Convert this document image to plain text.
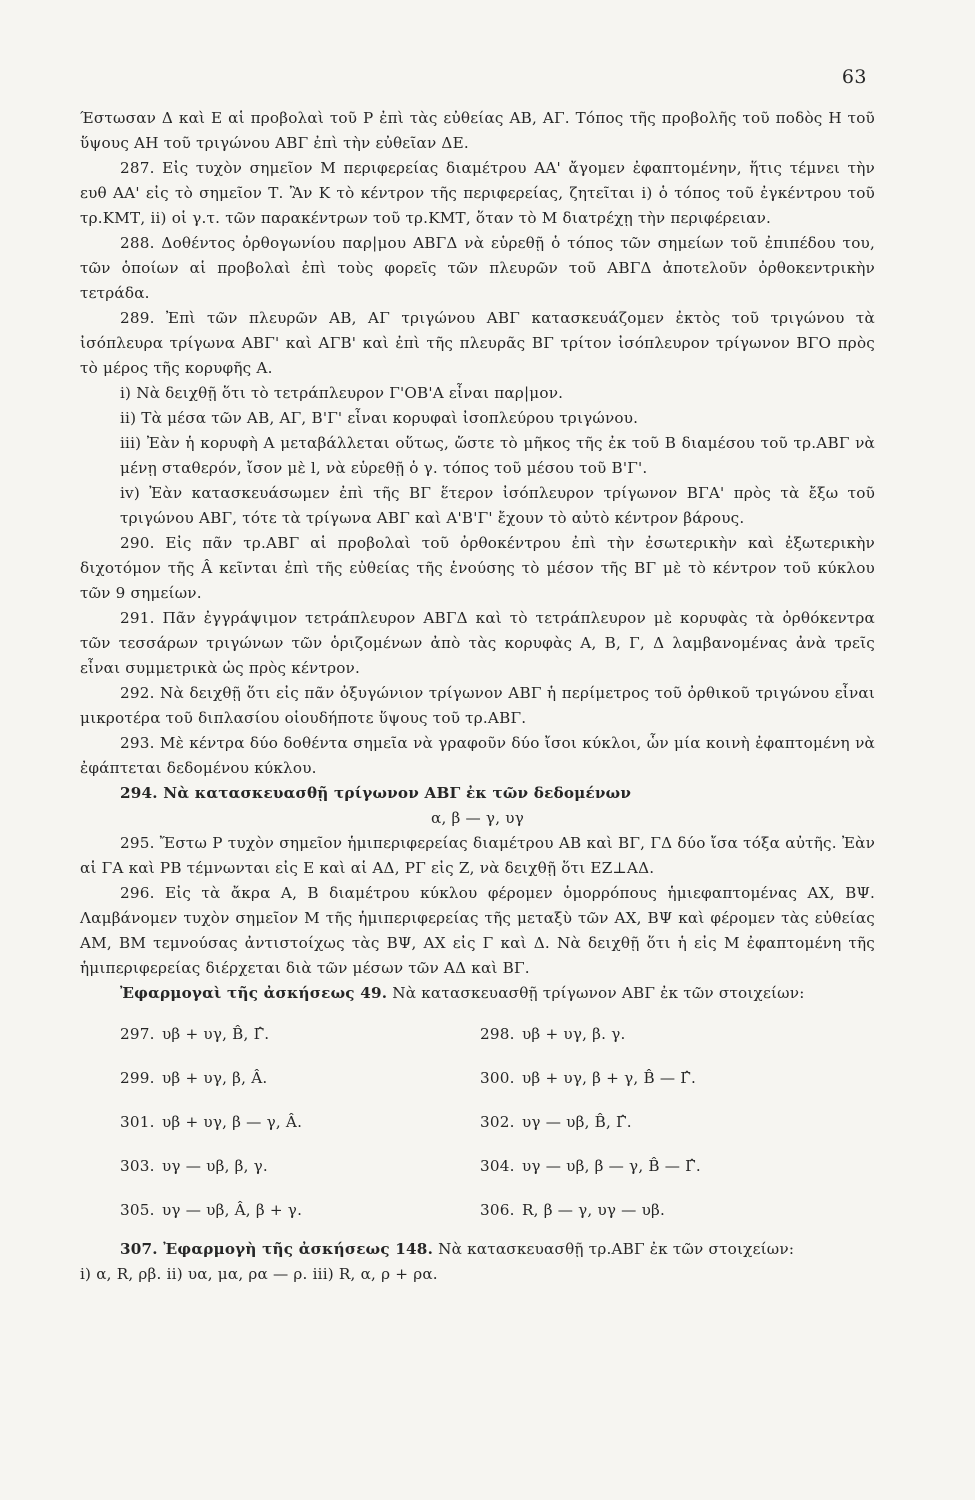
63

Έστωσαν Δ καὶ Ε αἱ προβολαὶ τοῦ Ρ ἐπὶ τὰς εὐθείας ΑΒ, ΑΓ. Τόπος τῆς προβολῆς τοῦ ποδὸς Η τοῦ ὕψους ΑΗ τοῦ τριγώνου ΑΒΓ ἐπὶ τὴν εὐθεῖαν ΔΕ.

287. Εἰς τυχὸν σημεῖον Μ περιφερείας διαμέτρου ΑΑ' ἄγομεν ἐφαπτομένην, ἥτις τέμνει τὴν ευθ ΑΑ' εἰς τὸ σημεῖον Τ. Ἂν Κ τὸ κέντρον τῆς περιφερείας, ζητεῖται i) ὁ τόπος τοῦ ἐγκέντρου τοῦ τρ.ΚΜΤ, ii) οἱ γ.τ. τῶν παρακέντρων τοῦ τρ.ΚΜΤ, ὅταν τὸ Μ διατρέχῃ τὴν περιφέρειαν.

288. Δοθέντος ὀρθογωνίου παρ|μου ΑΒΓΔ νὰ εὑρεθῇ ὁ τόπος τῶν σημείων τοῦ ἐπιπέδου του, τῶν ὁποίων αἱ προβολαὶ ἐπὶ τοὺς φορεῖς τῶν πλευρῶν τοῦ ΑΒΓΔ ἀποτελοῦν ὀρθοκεντρικὴν τετράδα.

289. Ἐπὶ τῶν πλευρῶν ΑΒ, ΑΓ τριγώνου ΑΒΓ κατασκευάζομεν ἐκτὸς τοῦ τριγώνου τὰ ἰσόπλευρα τρίγωνα ΑΒΓ' καὶ ΑΓΒ' καὶ ἐπὶ τῆς πλευρᾶς ΒΓ τρίτον ἰσόπλευρον τρίγωνον ΒΓΟ πρὸς τὸ μέρος τῆς κορυφῆς Α.

i) Νὰ δειχθῇ ὅτι τὸ τετράπλευρον Γ'ΟΒ'Α εἶναι παρ|μον.

ii) Τὰ μέσα τῶν ΑΒ, ΑΓ, Β'Γ' εἶναι κορυφαὶ ἰσοπλεύρου τριγώνου.

iii) Ἐὰν ἡ κορυφὴ Α μεταβάλλεται οὕτως, ὥστε τὸ μῆκος τῆς ἐκ τοῦ Β διαμέσου τοῦ τρ.ΑΒΓ νὰ μένῃ σταθερόν, ἴσον μὲ l, νὰ εὑρεθῇ ὁ γ. τόπος τοῦ μέσου τοῦ Β'Γ'.

iv) Ἐὰν κατασκευάσωμεν ἐπὶ τῆς ΒΓ ἕτερον ἰσόπλευρον τρίγωνον ΒΓΑ' πρὸς τὰ ἔξω τοῦ τριγώνου ΑΒΓ, τότε τὰ τρίγωνα ΑΒΓ καὶ Α'Β'Γ' ἔχουν τὸ αὐτὸ κέντρον βάρους.

290. Εἰς πᾶν τρ.ΑΒΓ αἱ προβολαὶ τοῦ ὀρθοκέντρου ἐπὶ τὴν ἐσωτερικὴν καὶ ἐξωτερικὴν διχοτόμον τῆς Â κεῖνται ἐπὶ τῆς εὐθείας τῆς ἑνούσης τὸ μέσον τῆς ΒΓ μὲ τὸ κέντρον τοῦ κύκλου τῶν 9 σημείων.

291. Πᾶν ἐγγράψιμον τετράπλευρον ΑΒΓΔ καὶ τὸ τετράπλευρον μὲ κορυφὰς τὰ ὀρθόκεντρα τῶν τεσσάρων τριγώνων τῶν ὁριζομένων ἀπὸ τὰς κορυφὰς Α, Β, Γ, Δ λαμβανομένας ἀνὰ τρεῖς εἶναι συμμετρικὰ ὡς πρὸς κέντρον.

292. Νὰ δειχθῇ ὅτι εἰς πᾶν ὀξυγώνιον τρίγωνον ΑΒΓ ἡ περίμετρος τοῦ ὀρθικοῦ τριγώνου εἶναι μικροτέρα τοῦ διπλασίου οἱουδήποτε ὕψους τοῦ τρ.ΑΒΓ.

293. Μὲ κέντρα δύο δοθέντα σημεῖα νὰ γραφοῦν δύο ἴσοι κύκλοι, ὧν μία κοινὴ ἐφαπτομένη νὰ ἐφάπτεται δεδομένου κύκλου.

294. Νὰ κατασκευασθῇ τρίγωνον ΑΒΓ ἐκ τῶν δεδομένων

α, β — γ, υγ

295. Ἔστω Ρ τυχὸν σημεῖον ἡμιπεριφερείας διαμέτρου ΑΒ καὶ ΒΓ, ΓΔ δύο ἴσα τόξα αὐτῆς. Ἐὰν αἱ ΓΑ καὶ ΡΒ τέμνωνται εἰς Ε καὶ αἱ ΑΔ, ΡΓ εἰς Ζ, νὰ δειχθῇ ὅτι ΕΖ⊥ΑΔ.

296. Εἰς τὰ ἄκρα Α, Β διαμέτρου κύκλου φέρομεν ὁμορρόπους ἡμιεφαπτομένας ΑΧ, ΒΨ. Λαμβάνομεν τυχὸν σημεῖον Μ τῆς ἡμιπεριφερείας τῆς μεταξὺ τῶν ΑΧ, ΒΨ καὶ φέρομεν τὰς εὐθείας ΑΜ, ΒΜ τεμνούσας ἀντιστοίχως τὰς ΒΨ, ΑΧ εἰς Γ καὶ Δ. Νὰ δειχθῇ ὅτι ἡ εἰς Μ ἐφαπτομένη τῆς ἡμιπεριφερείας διέρχεται διὰ τῶν μέσων τῶν ΑΔ καὶ ΒΓ.

Ἐφαρμογαὶ τῆς ἀσκήσεως 49. Νὰ κατασκευασθῇ τρίγωνον ΑΒΓ ἐκ τῶν στοιχείων:

297. υβ + υγ, B̂, Γ̂.	298. υβ + υγ, β. γ.
299. υβ + υγ, β, Â.	300. υβ + υγ, β + γ, B̂ — Γ̂.
301. υβ + υγ, β — γ, Â.	302. υγ — υβ, B̂, Γ̂.
303. υγ — υβ, β, γ.	304. υγ — υβ, β — γ, B̂ — Γ̂.
305. υγ — υβ, Â, β + γ.	306. R, β — γ, υγ — υβ.

307. Ἐφαρμογὴ τῆς ἀσκήσεως 148. Νὰ κατασκευασθῇ τρ.ΑΒΓ ἐκ τῶν στοιχείων:

i) α, R, ρβ. ii) υα, μα, ρα — ρ. iii) R, α, ρ + ρα.
